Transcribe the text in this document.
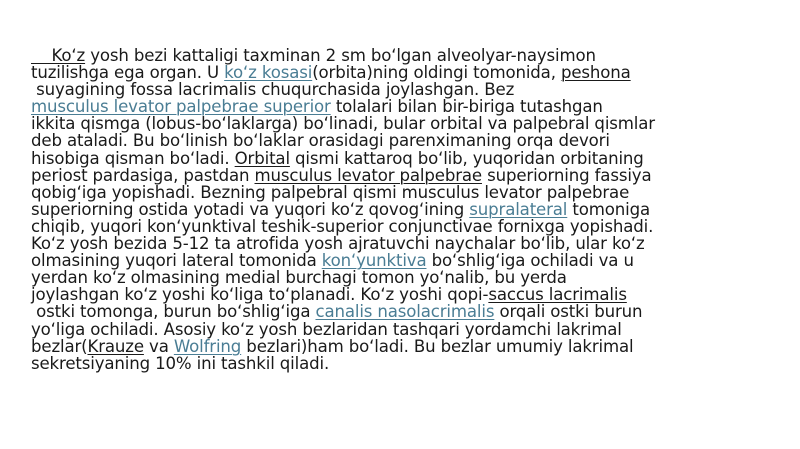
Ko‘z yosh bezi kattaligi taxminan 2 sm bo‘lgan alveolyar-naysimon
tuzilishga ega organ. U ko‘z kosasi(orbita)ning oldingi tomonida, peshona
suyagining fossa lacrimalis chuqurchasida joylashgan. Bez
musculus levator palpebrae superior tolalari bilan bir-biriga tutashgan
ikkita qismga (lobus-bo‘laklarga) bo‘linadi, bular orbital va palpebral qismlar
deb ataladi. Bu bo‘linish bo‘laklar orasidagi parenximaning orqa devori
hisobiga qisman bo‘ladi. Orbital qismi kattaroq bo‘lib, yuqoridan orbitaning
periost pardasiga, pastdan musculus levator palpebrae superiorning fassiya
qobig‘iga yopishadi. Bezning palpebral qismi musculus levator palpebrae
superiorning ostida yotadi va yuqori ko‘z qovog‘ining supralateral tomoniga
chiqib, yuqori kon‘yunktival teshik-superior conjunctivae fornixga yopishadi.
Ko‘z yosh bezida 5-12 ta atrofida yosh ajratuvchi naychalar bo‘lib, ular ko‘z
olmasining yuqori lateral tomonida kon‘yunktiva bo‘shlig‘iga ochiladi va u
yerdan ko‘z olmasining medial burchagi tomon yo‘nalib, bu yerda
joylashgan ko‘z yoshi ko‘liga to‘planadi. Ko‘z yoshi qopi-saccus lacrimalis
ostki tomonga, burun bo‘shlig‘iga canalis nasolacrimalis orqali ostki burun
yo‘liga ochiladi. Asosiy ko‘z yosh bezlaridan tashqari yordamchi lakrimal
bezlar(Krauze va Wolfring bezlari)ham bo‘ladi. Bu bezlar umumiy lakrimal
sekretsiyaning 10% ini tashkil qiladi.
